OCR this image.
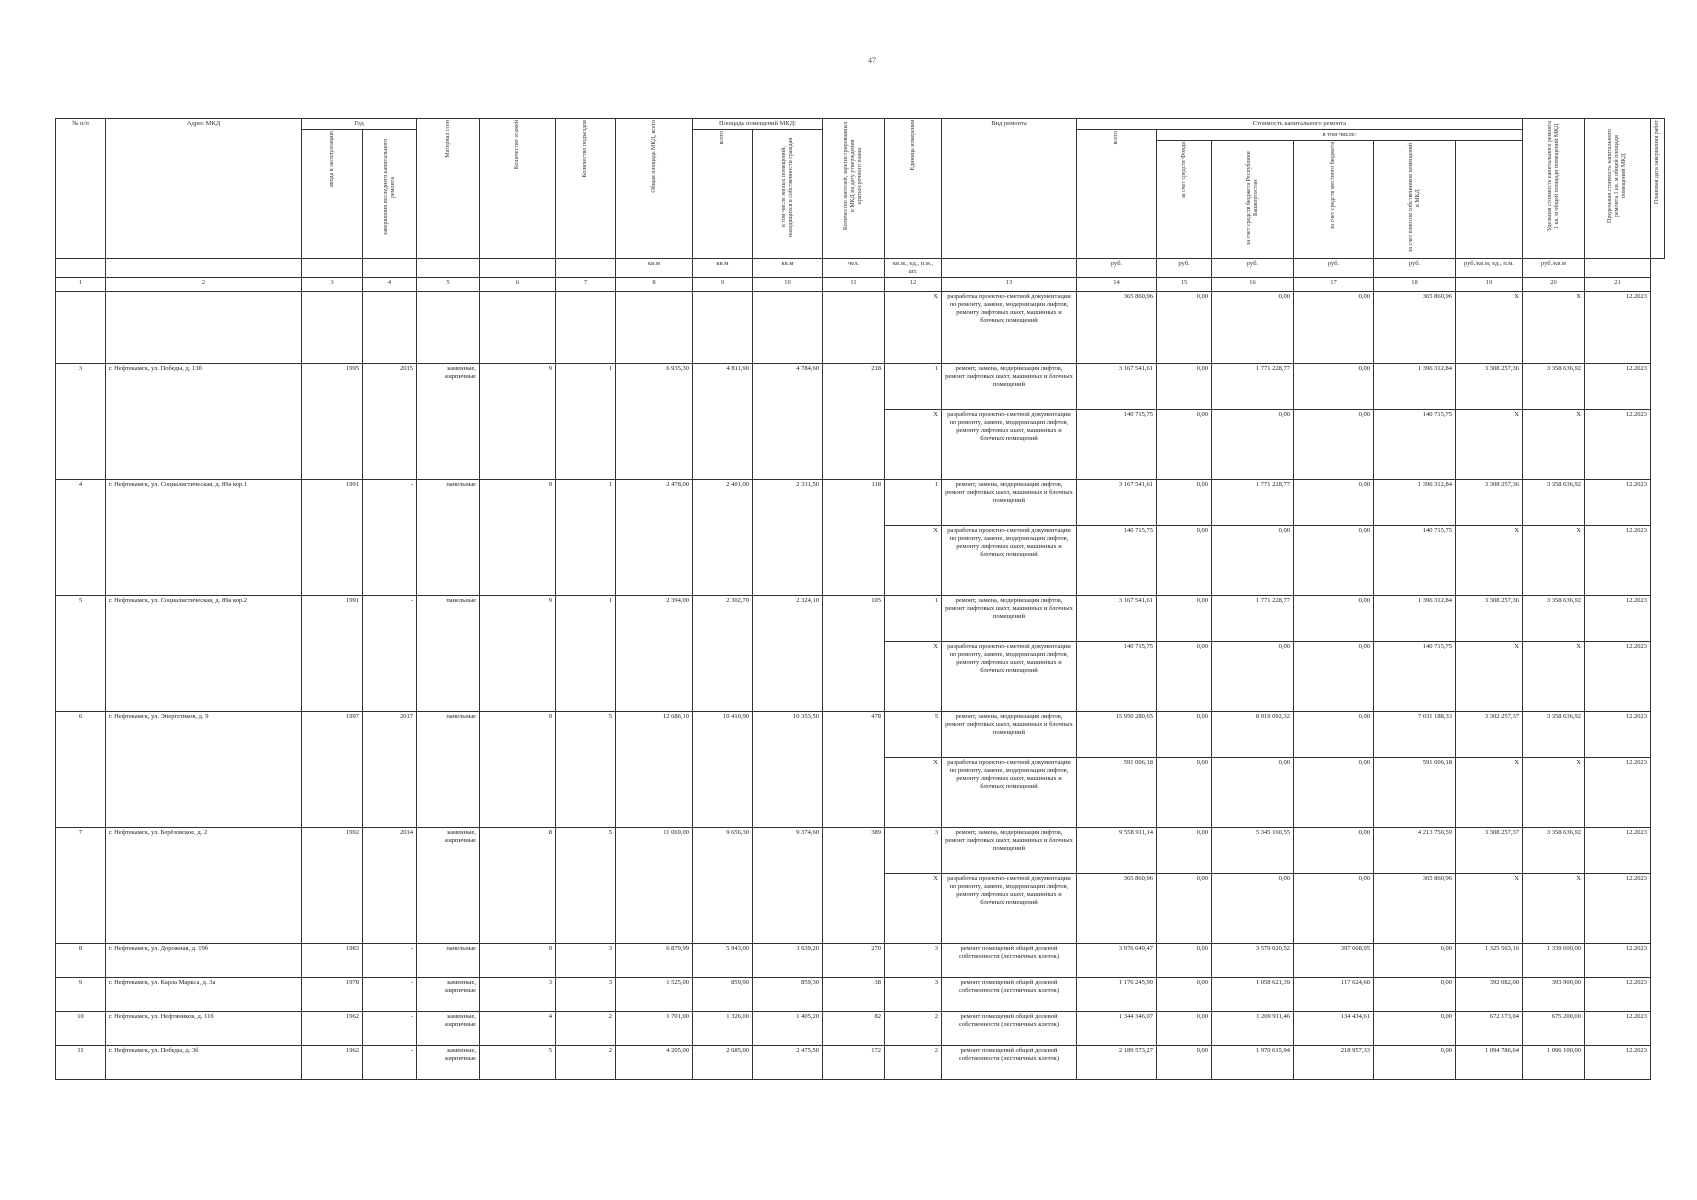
47
№ п/п	Адрес МКД	Год		Материал стен	Количество этажей	Количество подъездов	Общая площадь МКД, всего	Площадь помещений МКД:		Количество жителей, зарегистрированных в МКД на дату утверждения краткосрочного плана	Единица измерения	Вид ремонта	Стоимость капитального ремонта						Удельная стоимость капитального ремонта 1 кв. м общей площади помещений МКД	Предельная стоимость капитального ремонта 1 кв. м общей площади помещений МКД	Плановая дата завершения работ
		ввода в эксплуатацию	завершения последнего капитального ремонта					всего	в том числе жилых помещений, находящихся в собственности граждан				всего	в том числе:							
														за счет средств Фонда	за счет средств бюджета Республики Башкортостан	за счет средств местного бюджета	за счет взносов собственников помещений в МКД				
							кв.м	кв.м	кв.м	чел.	кв.м., ед., п.м., шт.		руб.	руб.	руб.	руб.	руб.	руб./кв.м, ед., п.м.	руб./кв.м		
1	2	3	4	5	6	7	8	9	10	11	12	13	14	15	16	17	18	19	20	21	
											X	разработка проектно-сметной документации по ремонту, замене, модернизации лифтов, ремонту лифтовых шахт, машинных и блочных помещений	365 860,96	0,00	0,00	0,00	365 860,96	X	X	12.2023	
3	г. Нефтекамск, ул. Победы, д. 13б	1995	2015	каменные, кирпичные	9	1	6 935,30	4 811,90	4 784,60	218	1	ремонт, замена, модернизация лифтов, ремонт лифтовых шахт, машинных и блочных помещений	3 167 541,61	0,00	1 771 228,77	0,00	1 396 312,84	3 308 257,36	3 358 636,92	12.2023	
											X	разработка проектно-сметной документации по ремонту, замене, модернизации лифтов, ремонту лифтовых шахт, машинных и блочных помещений	140 715,75	0,00	0,00	0,00	140 715,75	X	X	12.2023	
4	г. Нефтекамск, ул. Социалистическая, д. 89а кор.1	1991	-	панельные	9	1	2 478,00	2 401,00	2 331,50	118	1	ремонт, замена, модернизация лифтов, ремонт лифтовых шахт, машинных и блочных помещений	3 167 541,61	0,00	1 771 228,77	0,00	1 396 312,84	3 308 257,36	3 358 636,92	12.2023	
											X	разработка проектно-сметной документации по ремонту, замене, модернизации лифтов, ремонту лифтовых шахт, машинных и блочных помещений	140 715,75	0,00	0,00	0,00	140 715,75	X	X	12.2023	
5	г. Нефтекамск, ул. Социалистическая, д. 89а кор.2	1991	-	панельные	9	1	2 394,00	2 302,70	2 324,10	105	1	ремонт, замена, модернизация лифтов, ремонт лифтовых шахт, машинных и блочных помещений	3 167 541,61	0,00	1 771 228,77	0,00	1 396 312,84	3 308 257,36	3 358 636,92	12.2023	
											X	разработка проектно-сметной документации по ремонту, замене, модернизации лифтов, ремонту лифтовых шахт, машинных и блочных помещений	140 715,75	0,00	0,00	0,00	140 715,75	X	X	12.2023	
6	г. Нефтекамск, ул. Энергетиков, д. 9	1997	2017	панельные	9	5	12 686,10	10 410,90	10 353,50	478	5	ремонт, замена, модернизация лифтов, ремонт лифтовых шахт, машинных и блочных помещений	15 950 280,65	0,00	8 919 092,32	0,00	7 031 188,33	3 302 257,37	3 358 636,92	12.2023	
											X	разработка проектно-сметной документации по ремонту, замене, модернизации лифтов, ремонту лифтовых шахт, машинных и блочных помещений	591 006,18	0,00	0,00	0,00	591 006,18	X	X	12.2023	
7	г. Нефтекамск, ул. Берёзовское, д. 2	1992	2014	каменные, кирпичные	8	5	11 069,00	9 656,30	9 374,60	389	3	ремонт, замена, модернизация лифтов, ремонт лифтовых шахт, машинных и блочных помещений	9 558 911,14	0,00	5 345 160,55	0,00	4 213 750,59	3 308 257,37	3 358 636,92	12.2023	
											X	разработка проектно-сметной документации по ремонту, замене, модернизации лифтов, ремонту лифтовых шахт, машинных и блочных помещений	365 860,96	0,00	0,00	0,00	365 860,96	X	X	12.2023	
8	г. Нефтекамск, ул. Дорожная, д. 19б	1983	-	панельные	9	3	6 879,99	5 943,00	3 639,20	270	3	ремонт помещений общей долевой собственности (лестничных клеток)	3 976 649,47	0,00	3 579 020,52	397 668,95	0,00	1 325 563,16	1 339 600,00	12.2023	
9	г. Нефтекамск, ул. Карла Маркса, д. 3а	1978	-	каменные, кирпичные	3	3	1 525,00	859,90	859,30	38	3	ремонт помещений общей долевой собственности (лестничных клеток)	1 176 245,99	0,00	1 058 621,39	117 624,60	0,00	392 082,00	393 900,00	12.2023	
10	г. Нефтекамск, ул. Нефтяников, д. 11б	1962	-	каменные, кирпичные	4	2	1 701,00	1 326,00	1 405,20	82	2	ремонт помещений общей долевой собственности (лестничных клеток)	1 344 346,07	0,00	1 209 911,46	134 434,61	0,00	672 173,04	675 200,00	12.2023	
11	г. Нефтекамск, ул. Победы, д. 3б	1962	-	каменные, кирпичные	5	2	4 205,00	2 685,00	2 475,50	172	2	ремонт помещений общей долевой собственности (лестничных клеток)	2 189 573,27	0,00	1 970 615,94	218 957,33	0,00	1 094 786,64	1 096 100,00	12.2023	
